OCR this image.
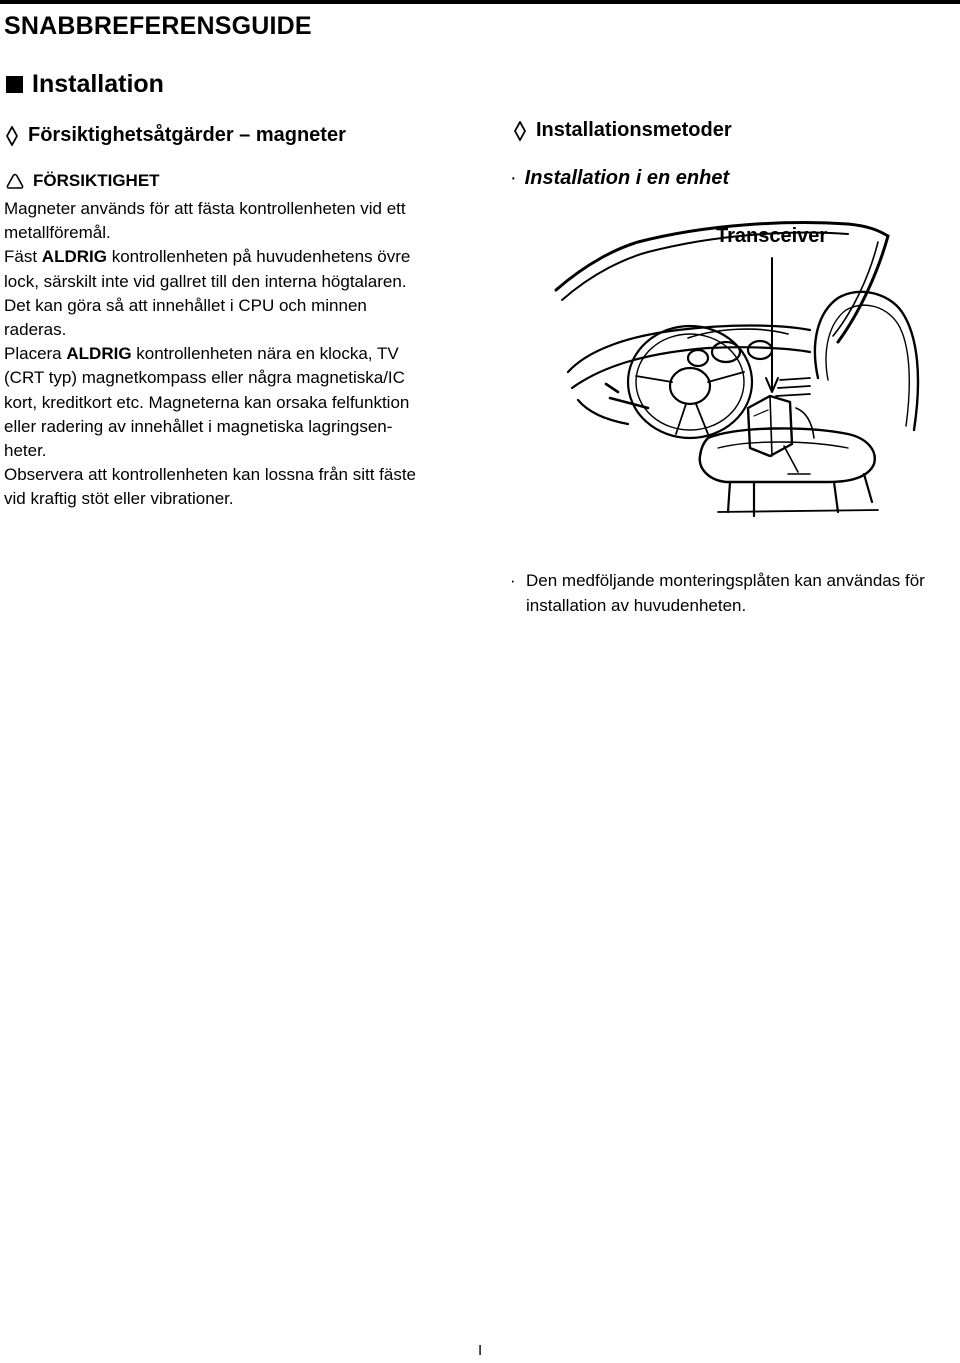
SNABBREFERENSGUIDE
Installation
Försiktighetsåtgärder – magneter
FÖRSIKTIGHET

Magneter används för att fästa kontrollenheten vid ett

metallföremål.

Fäst ALDRIG kontrollenheten på huvudenhetens övre

lock, särskilt inte vid gallret till den interna högtalaren.

Det kan göra så att innehållet i CPU och minnen

raderas.

Placera ALDRIG kontrollenheten nära en klocka, TV

(CRT typ) magnetkompass eller några magnetiska/IC

kort, kreditkort etc. Magneterna kan orsaka felfunktion

eller radering av innehållet i magnetiska lagringsen-

heter.

Observera att kontrollenheten kan lossna från sitt fäste

vid kraftig stöt eller vibrationer.

Installationsmetoder
· Installation i en enhet
Transceiver
· Den medföljande monteringsplåten kan användas för
installation av huvudenheten.
I
